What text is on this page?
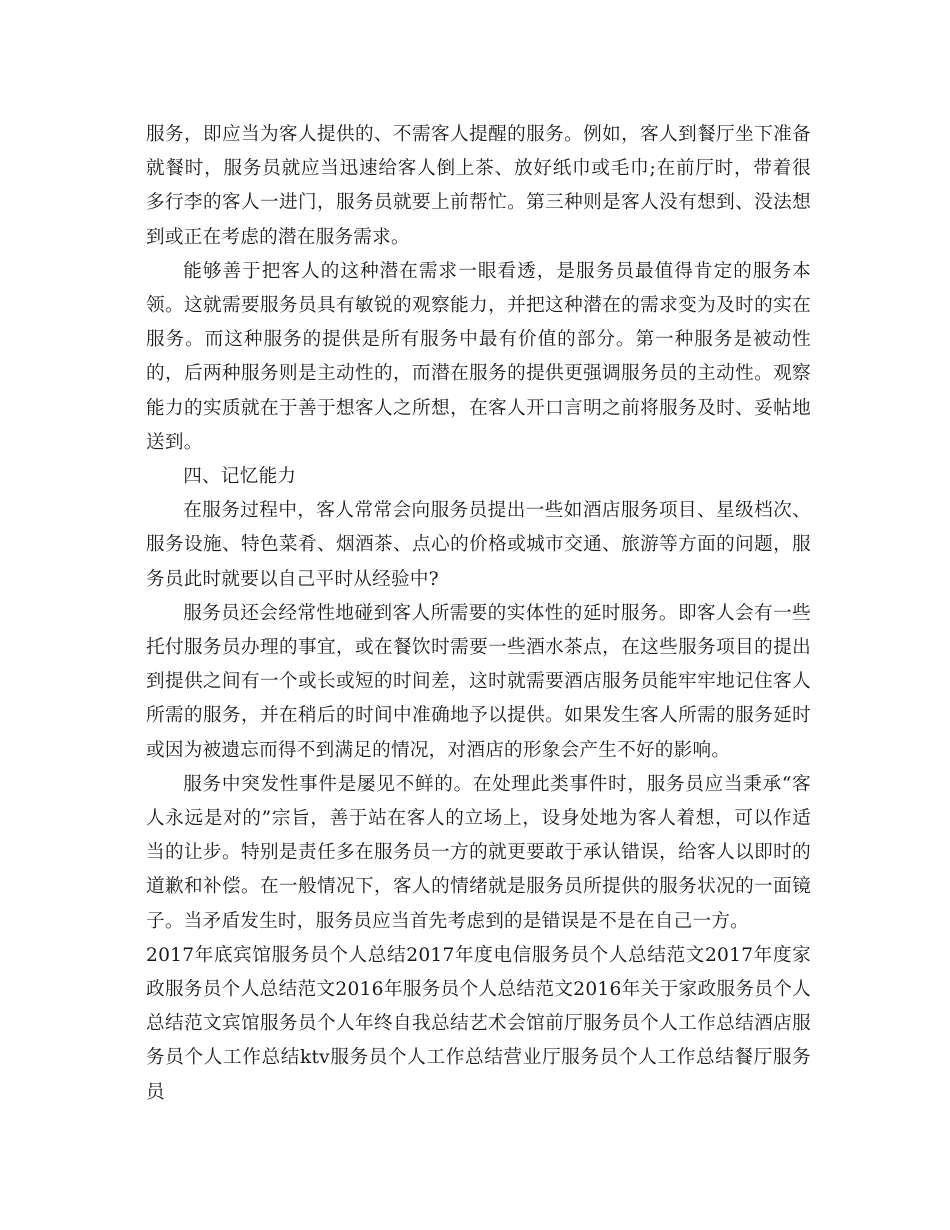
服务，即应当为客人提供的、不需客人提醒的服务。例如，客人到餐厅坐下准备就餐时，服务员就应当迅速给客人倒上茶、放好纸巾或毛巾;在前厅时，带着很多行李的客人一进门，服务员就要上前帮忙。第三种则是客人没有想到、没法想到或正在考虑的潜在服务需求。

能够善于把客人的这种潜在需求一眼看透，是服务员最值得肯定的服务本领。这就需要服务员具有敏锐的观察能力，并把这种潜在的需求变为及时的实在服务。而这种服务的提供是所有服务中最有价值的部分。第一种服务是被动性的，后两种服务则是主动性的，而潜在服务的提供更强调服务员的主动性。观察能力的实质就在于善于想客人之所想，在客人开口言明之前将服务及时、妥帖地送到。

四、记忆能力

在服务过程中，客人常常会向服务员提出一些如酒店服务项目、星级档次、服务设施、特色菜肴、烟酒茶、点心的价格或城市交通、旅游等方面的问题，服务员此时就要以自己平时从经验中?

服务员还会经常性地碰到客人所需要的实体性的延时服务。即客人会有一些托付服务员办理的事宜，或在餐饮时需要一些酒水茶点，在这些服务项目的提出到提供之间有一个或长或短的时间差，这时就需要酒店服务员能牢牢地记住客人所需的服务，并在稍后的时间中准确地予以提供。如果发生客人所需的服务延时或因为被遗忘而得不到满足的情况，对酒店的形象会产生不好的影响。

服务中突发性事件是屡见不鲜的。在处理此类事件时，服务员应当秉承“客人永远是对的”宗旨，善于站在客人的立场上，设身处地为客人着想，可以作适当的让步。特别是责任多在服务员一方的就更要敢于承认错误，给客人以即时的道歉和补偿。在一般情况下，客人的情绪就是服务员所提供的服务状况的一面镜子。当矛盾发生时，服务员应当首先考虑到的是错误是不是在自己一方。

2017年底宾馆服务员个人总结2017年度电信服务员个人总结范文2017年度家政服务员个人总结范文2016年服务员个人总结范文2016年关于家政服务员个人总结范文宾馆服务员个人年终自我总结艺术会馆前厅服务员个人工作总结酒店服务员个人工作总结ktv服务员个人工作总结营业厅服务员个人工作总结餐厅服务员
